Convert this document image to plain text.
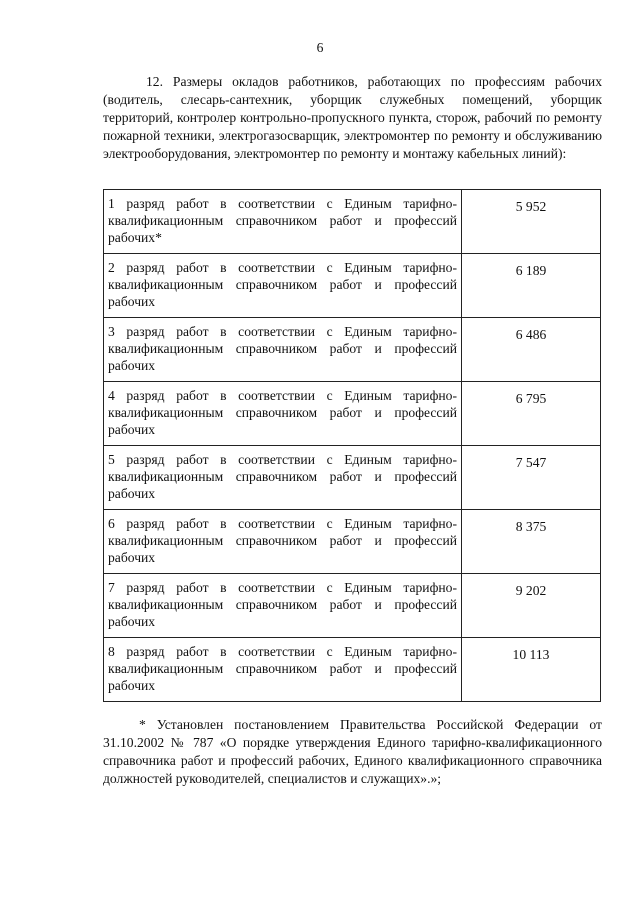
6
12. Размеры окладов работников, работающих по профессиям рабочих (водитель, слесарь-сантехник, уборщик служебных помещений, уборщик территорий, контролер контрольно-пропускного пункта, сторож, рабочий по ремонту пожарной техники, электрогазосварщик, электромонтер по ремонту и обслуживанию электрооборудования, электромонтер по ремонту и монтажу кабельных линий):
1 разряд работ в соответствии с Единым тарифно-квалификационным справочником работ и профессий рабочих*	5 952
2 разряд работ в соответствии с Единым тарифно-квалификационным справочником работ и профессий рабочих	6 189
3 разряд работ в соответствии с Единым тарифно-квалификационным справочником работ и профессий рабочих	6 486
4 разряд работ в соответствии с Единым тарифно-квалификационным справочником работ и профессий рабочих	6 795
5 разряд работ в соответствии с Единым тарифно-квалификационным справочником работ и профессий рабочих	7 547
6 разряд работ в соответствии с Единым тарифно-квалификационным справочником работ и профессий рабочих	8 375
7 разряд работ в соответствии с Единым тарифно-квалификационным справочником работ и профессий рабочих	9 202
8 разряд работ в соответствии с Единым тарифно-квалификационным справочником работ и профессий рабочих	10 113
* Установлен постановлением Правительства Российской Федерации от 31.10.2002 № 787 «О порядке утверждения Единого тарифно-квалификационного справочника работ и профессий рабочих, Единого квалификационного справочника должностей руководителей, специалистов и служащих».»;
